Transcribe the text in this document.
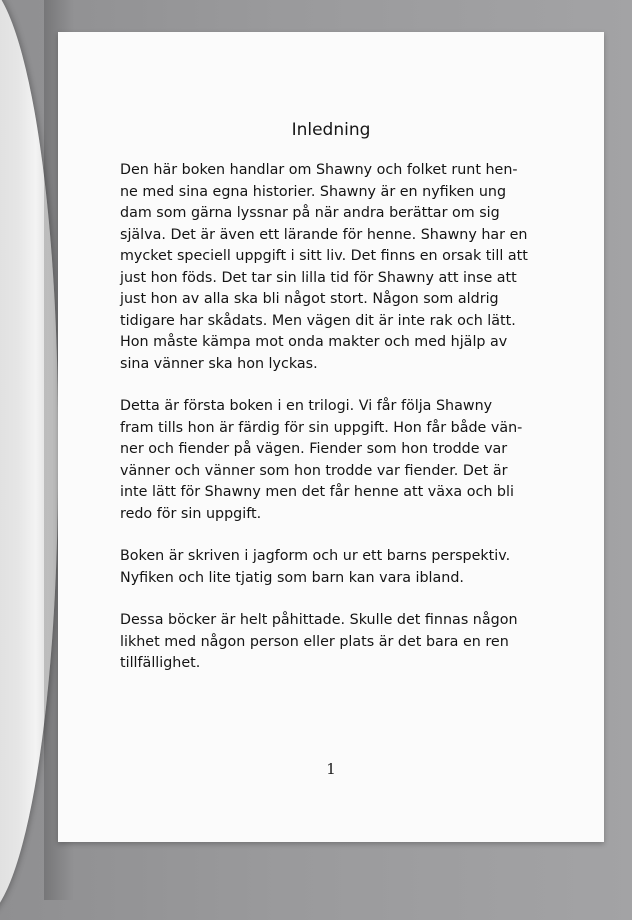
Inledning

Den här boken handlar om Shawny och folket runt hen-
ne med sina egna historier. Shawny är en nyfiken ung
dam som gärna lyssnar på när andra berättar om sig
själva. Det är även ett lärande för henne. Shawny har en
mycket speciell uppgift i sitt liv. Det finns en orsak till att
just hon föds. Det tar sin lilla tid för Shawny att inse att
just hon av alla ska bli något stort. Någon som aldrig
tidigare har skådats. Men vägen dit är inte rak och lätt.
Hon måste kämpa mot onda makter och med hjälp av
sina vänner ska hon lyckas.

Detta är första boken i en trilogi. Vi får följa Shawny
fram tills hon är färdig för sin uppgift. Hon får både vän-
ner och fiender på vägen. Fiender som hon trodde var
vänner och vänner som hon trodde var fiender. Det är
inte lätt för Shawny men det får henne att växa och bli
redo för sin uppgift.

Boken är skriven i jagform och ur ett barns perspektiv.
Nyfiken och lite tjatig som barn kan vara ibland.

Dessa böcker är helt påhittade. Skulle det finnas någon
likhet med någon person eller plats är det bara en ren
tillfällighet.

1
